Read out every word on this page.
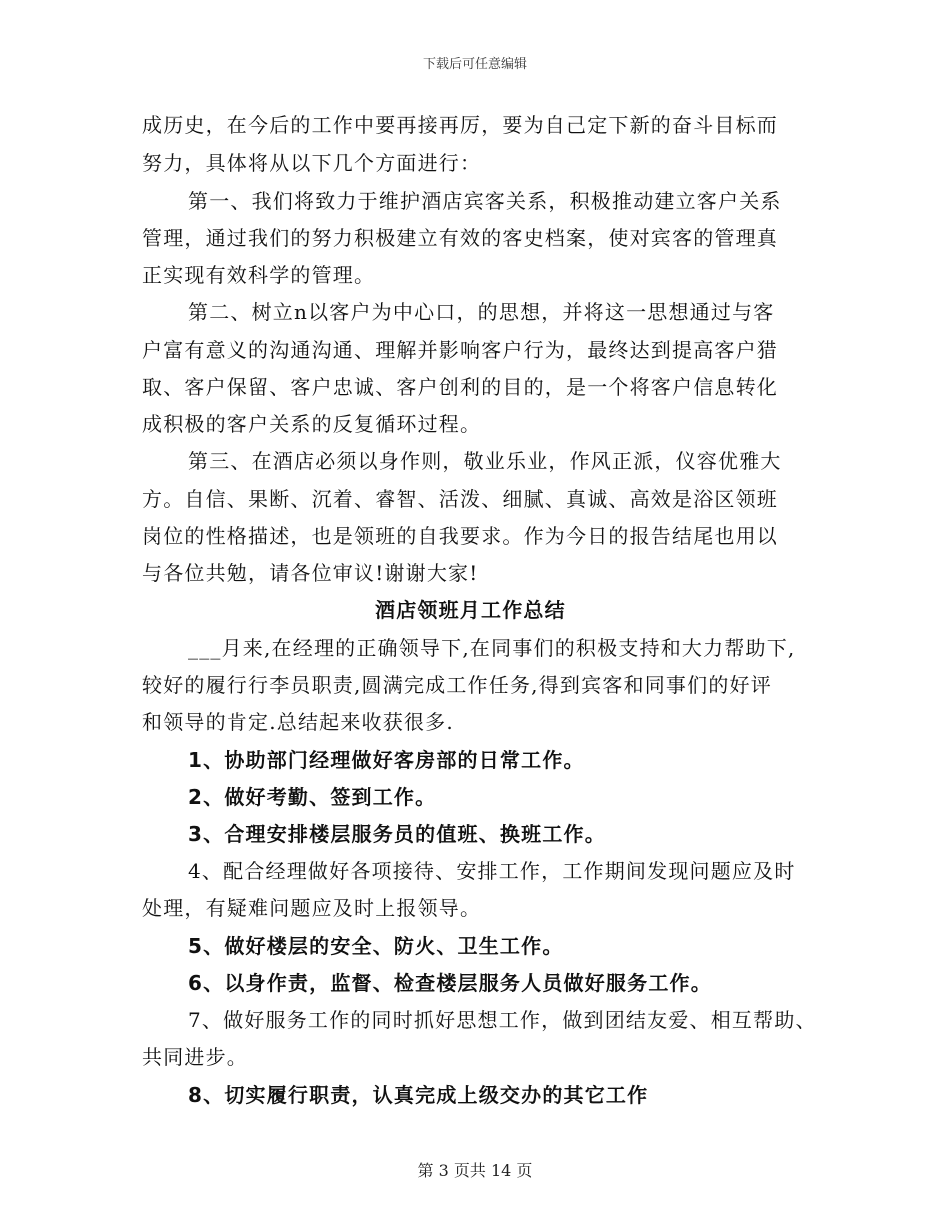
下载后可任意编辑
成历史，在今后的工作中要再接再厉，要为自己定下新的奋斗目标而
努力，具体将从以下几个方面进行：
第一、我们将致力于维护酒店宾客关系，积极推动建立客户关系
管理，通过我们的努力积极建立有效的客史档案，使对宾客的管理真
正实现有效科学的管理。
第二、树立n以客户为中心口，的思想，并将这一思想通过与客
户富有意义的沟通沟通、理解并影响客户行为，最终达到提高客户猎
取、客户保留、客户忠诚、客户创利的目的，是一个将客户信息转化
成积极的客户关系的反复循环过程。
第三、在酒店必须以身作则，敬业乐业，作风正派，仪容优雅大
方。自信、果断、沉着、睿智、活泼、细腻、真诚、高效是浴区领班
岗位的性格描述，也是领班的自我要求。作为今日的报告结尾也用以
与各位共勉，请各位审议!谢谢大家!
酒店领班月工作总结
___月来,在经理的正确领导下,在同事们的积极支持和大力帮助下,
较好的履行行李员职责,圆满完成工作任务,得到宾客和同事们的好评
和领导的肯定.总结起来收获很多.
1、协助部门经理做好客房部的日常工作。
2、做好考勤、签到工作。
3、合理安排楼层服务员的值班、换班工作。
4、配合经理做好各项接待、安排工作，工作期间发现问题应及时
处理，有疑难问题应及时上报领导。
5、做好楼层的安全、防火、卫生工作。
6、以身作责，监督、检查楼层服务人员做好服务工作。
7、做好服务工作的同时抓好思想工作，做到团结友爱、相互帮助、
共同进步。
8、切实履行职责，认真完成上级交办的其它工作
第 3 页共 14 页
